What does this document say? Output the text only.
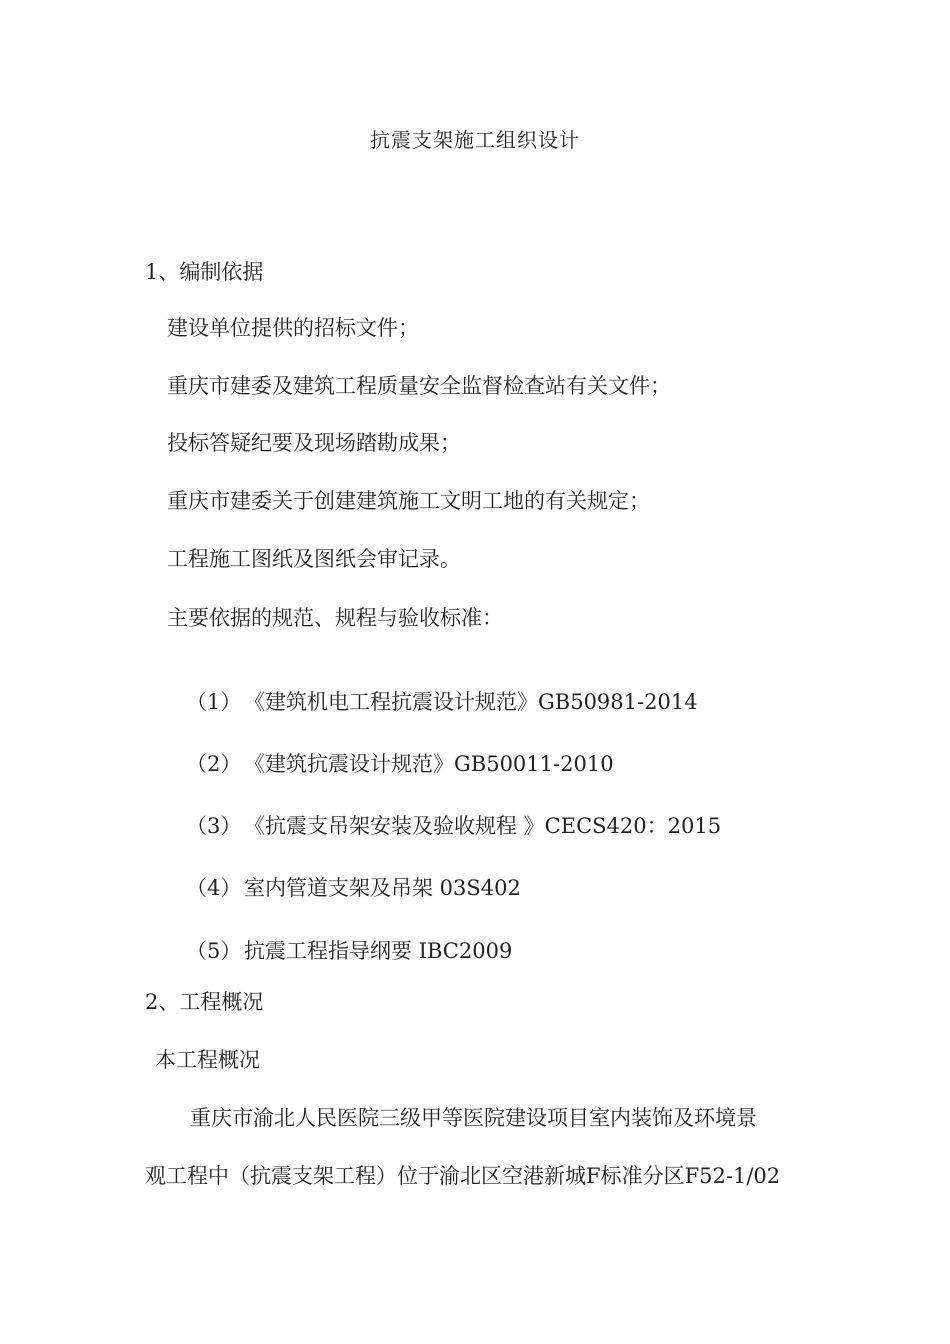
抗震支架施工组织设计
1、编制依据
建设单位提供的招标文件；
重庆市建委及建筑工程质量安全监督检查站有关文件；
投标答疑纪要及现场踏勘成果；
重庆市建委关于创建建筑施工文明工地的有关规定；
工程施工图纸及图纸会审记录。
主要依据的规范、规程与验收标准：
（1） 《建筑机电工程抗震设计规范》GB50981-2014
（2） 《建筑抗震设计规范》GB50011-2010
（3） 《抗震支吊架安装及验收规程 》CECS420：2015
（4） 室内管道支架及吊架 03S402
（5） 抗震工程指导纲要 IBC2009
2、工程概况
本工程概况
重庆市渝北人民医院三级甲等医院建设项目室内装饰及环境景
观工程中（抗震支架工程）位于渝北区空港新城F标准分区F52-1/02
